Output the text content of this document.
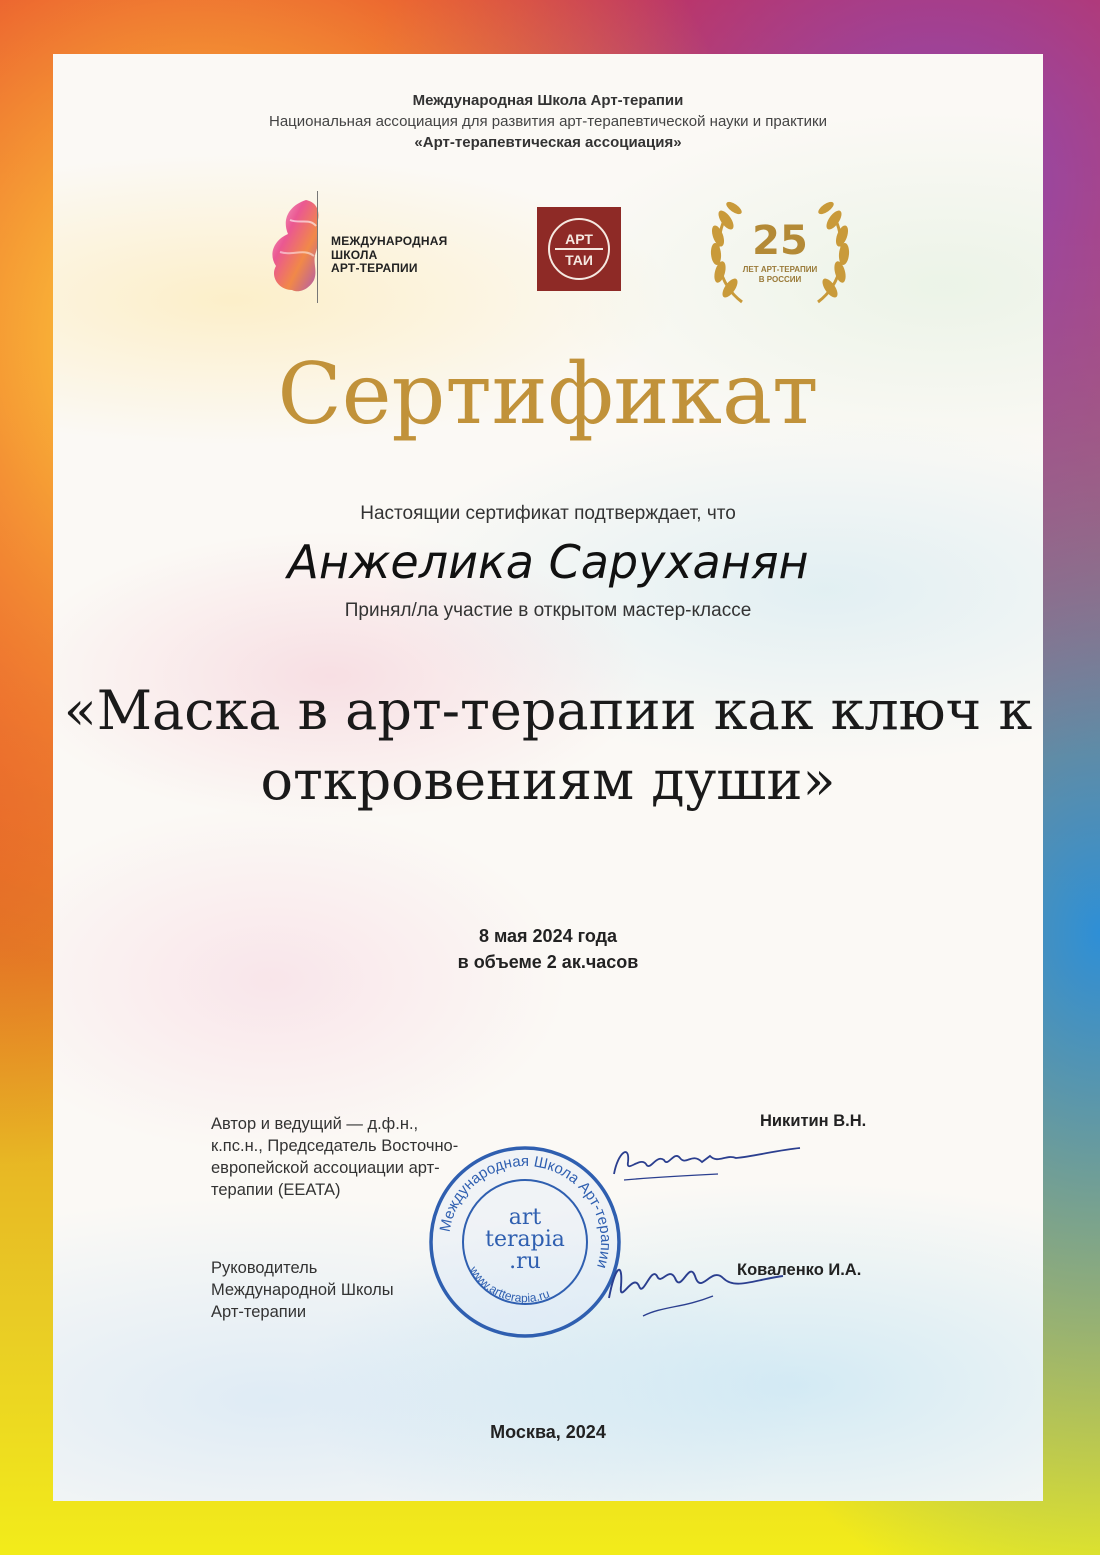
Международная Школа Арт-терапии
Национальная ассоциация для развития арт-терапевтической науки и практики
«Арт-терапевтическая ассоциация»
МЕЖДУНАРОДНАЯ
ШКОЛА
АРТ-ТЕРАПИИ
АРТ
ТАИ	25
ЛЕТ АРТ-ТЕРАПИИ
В РОССИИ
Сертификат
Настоящии сертификат подтверждает, что
Анжелика Саруханян
Принял/ла участие в открытом мастер-классе
«Маска в арт-терапии как ключ к откровениям души»
8 мая 2024 года
в объеме 2 ак.часов
Автор и ведущий — д.ф.н., к.пс.н., Председатель Восточно-европейской ассоциации арт-терапии (EEATA)
Руководитель Международной Школы Арт-терапии
Международная Школа Арт-терапии
www.artterapia.ru
art
terapia
.ru
Никитин В.Н.
Коваленко И.А.
Москва, 2024
